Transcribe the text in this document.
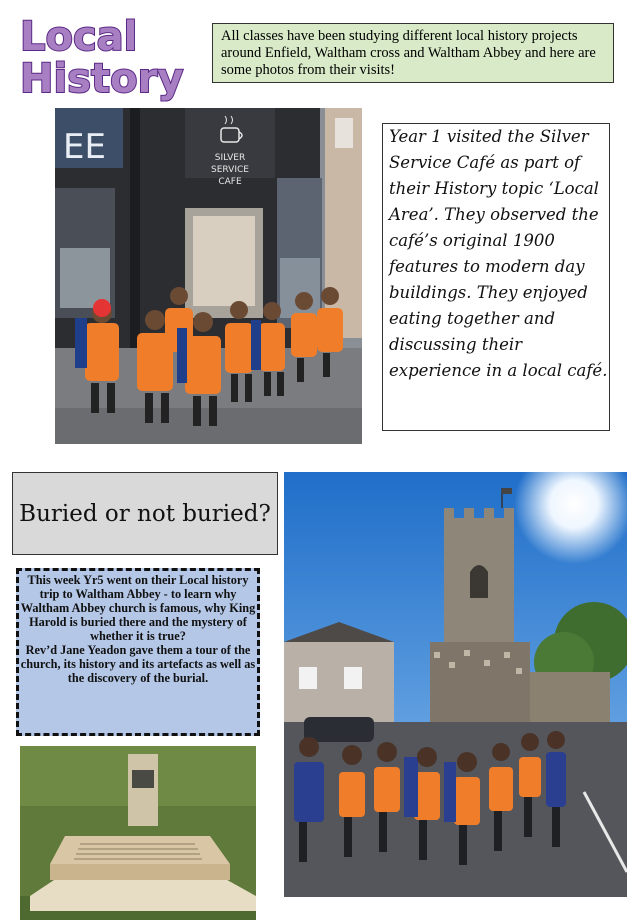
Local
History
All classes have been studying different local history projects around Enfield, Waltham cross and Waltham Abbey and here are some photos from their visits!
EE	SILVER
SERVICE
CAFE
Year 1 visited the Silver Service Café as part of their History topic ‘Local Area’. They observed the café’s original 1900 features to modern day buildings. They enjoyed eating together and discussing their experience in a local café.
Buried or not buried?

This week Yr5 went on their Local history trip to Waltham Abbey - to learn why Waltham Abbey church is famous, why King Harold is buried there and the mystery of whether it is true?

Rev’d Jane Yeadon gave them a tour of the church, its history and its artefacts as well as the discovery of the burial.
